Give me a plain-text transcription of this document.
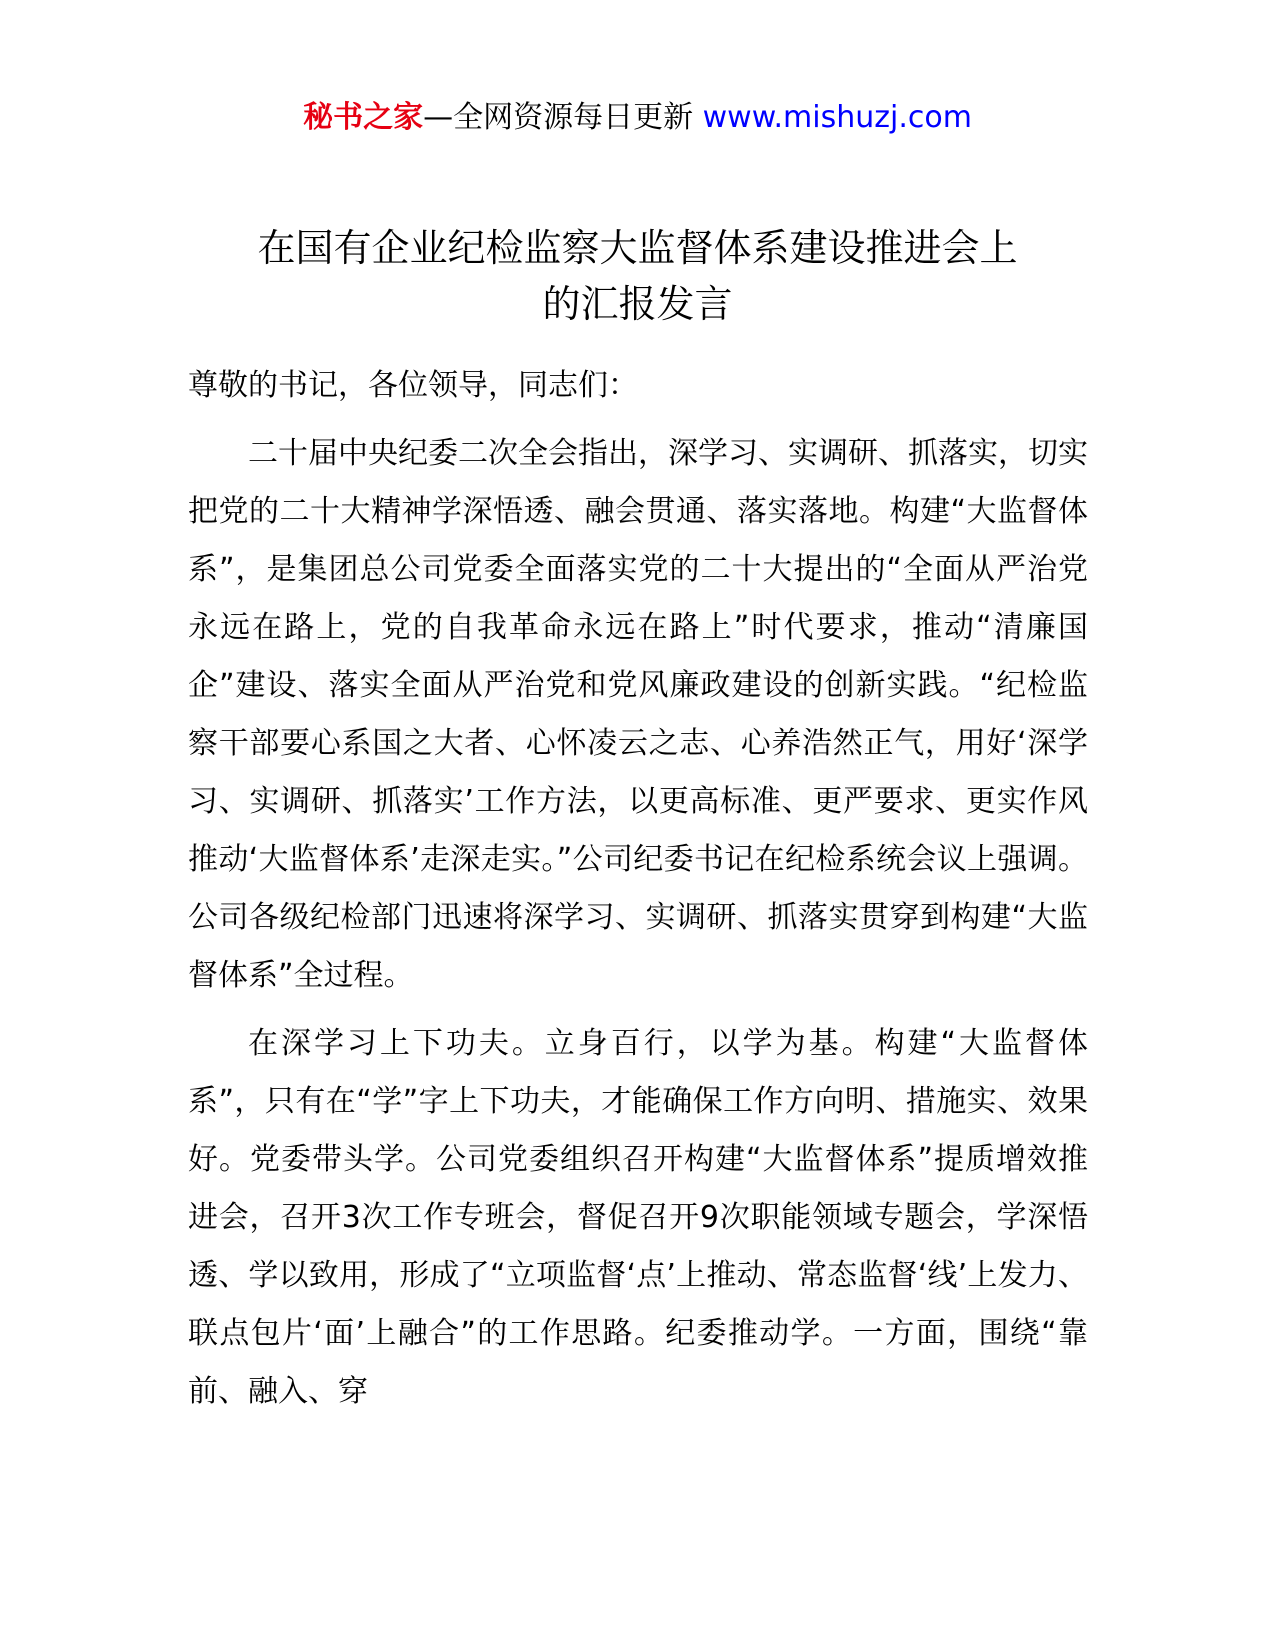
秘书之家—全网资源每日更新 www.mishuzj.com
在国有企业纪检监察大监督体系建设推进会上
的汇报发言

尊敬的书记，各位领导，同志们：

二十届中央纪委二次全会指出，深学习、实调研、抓落实，切实把党的二十大精神学深悟透、融会贯通、落实落地。构建“大监督体系”，是集团总公司党委全面落实党的二十大提出的“全面从严治党永远在路上，党的自我革命永远在路上”时代要求，推动“清廉国企”建设、落实全面从严治党和党风廉政建设的创新实践。“纪检监察干部要心系国之大者、心怀凌云之志、心养浩然正气，用好‘深学习、实调研、抓落实’工作方法，以更高标准、更严要求、更实作风推动‘大监督体系’走深走实。”公司纪委书记在纪检系统会议上强调。公司各级纪检部门迅速将深学习、实调研、抓落实贯穿到构建“大监督体系”全过程。

在深学习上下功夫。立身百行，以学为基。构建“大监督体系”，只有在“学”字上下功夫，才能确保工作方向明、措施实、效果好。党委带头学。公司党委组织召开构建“大监督体系”提质增效推进会，召开3次工作专班会，督促召开9次职能领域专题会，学深悟透、学以致用，形成了“立项监督‘点’上推动、常态监督‘线’上发力、联点包片‘面’上融合”的工作思路。纪委推动学。一方面，围绕“靠前、融入、穿
